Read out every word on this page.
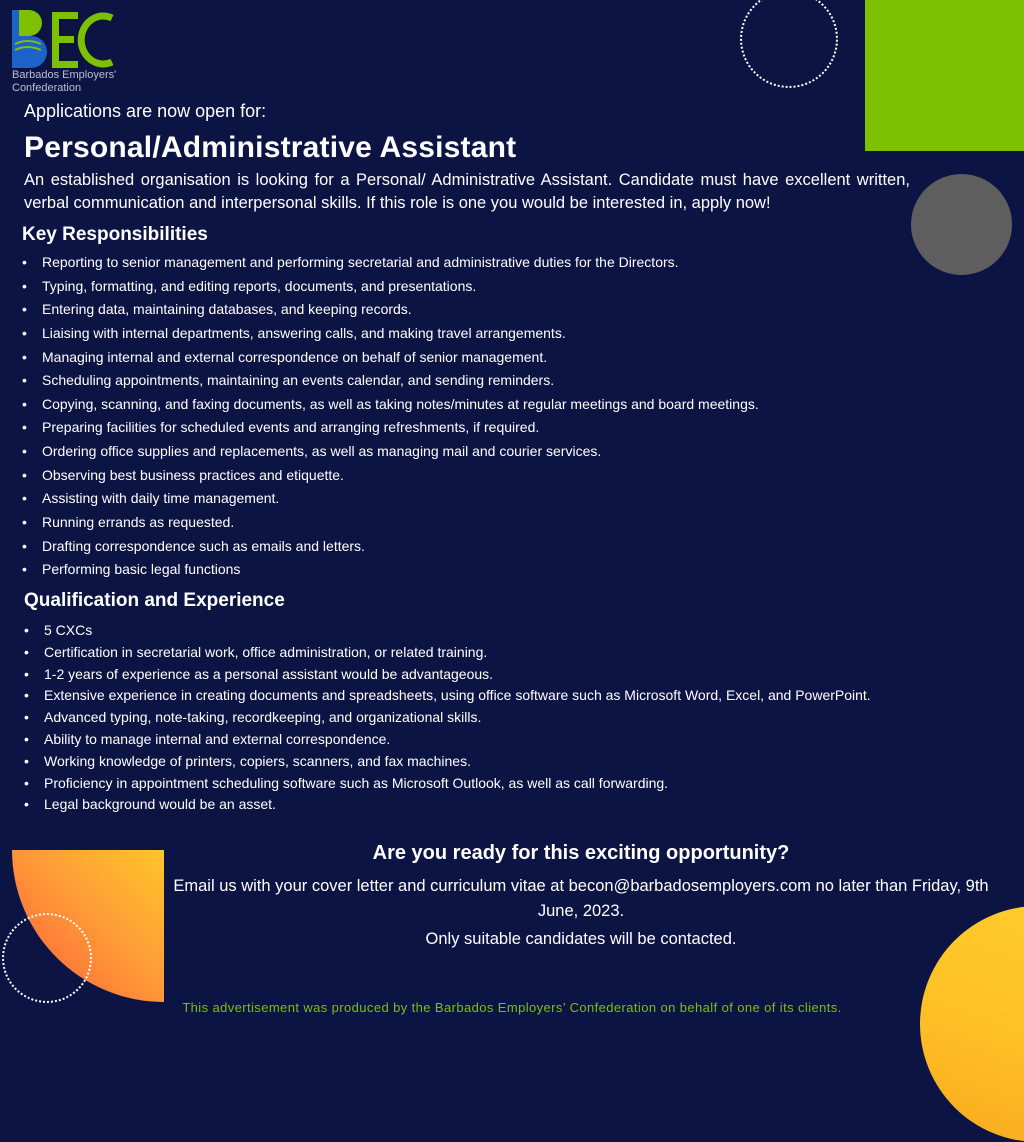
Barbados Employers'
Confederation
Applications are now open for:
Personal/Administrative Assistant
An established organisation is looking for a Personal/ Administrative Assistant. Candidate must have excellent written, verbal communication and interpersonal skills. If this role is one you would be interested in, apply now!
Key Responsibilities
• Reporting to senior management and performing secretarial and administrative duties for the Directors.
• Typing, formatting, and editing reports, documents, and presentations.
• Entering data, maintaining databases, and keeping records.
• Liaising with internal departments, answering calls, and making travel arrangements.
• Managing internal and external correspondence on behalf of senior management.
• Scheduling appointments, maintaining an events calendar, and sending reminders.
• Copying, scanning, and faxing documents, as well as taking notes/minutes at regular meetings and board meetings.
• Preparing facilities for scheduled events and arranging refreshments, if required.
• Ordering office supplies and replacements, as well as managing mail and courier services.
• Observing best business practices and etiquette.
• Assisting with daily time management.
• Running errands as requested.
• Drafting correspondence such as emails and letters.
• Performing basic legal functions
Qualification and Experience
• 5 CXCs
• Certification in secretarial work, office administration, or related training.
• 1-2 years of experience as a personal assistant would be advantageous.
• Extensive experience in creating documents and spreadsheets, using office software such as Microsoft Word, Excel, and PowerPoint.
• Advanced typing, note-taking, recordkeeping, and organizational skills.
• Ability to manage internal and external correspondence.
• Working knowledge of printers, copiers, scanners, and fax machines.
• Proficiency in appointment scheduling software such as Microsoft Outlook, as well as call forwarding.
• Legal background would be an asset.
Are you ready for this exciting opportunity?
Email us with your cover letter and curriculum vitae at becon@barbadosemployers.com no later than Friday, 9th June, 2023.
Only suitable candidates will be contacted.
This advertisement was produced by the Barbados Employers’ Confederation on behalf of one of its clients.
